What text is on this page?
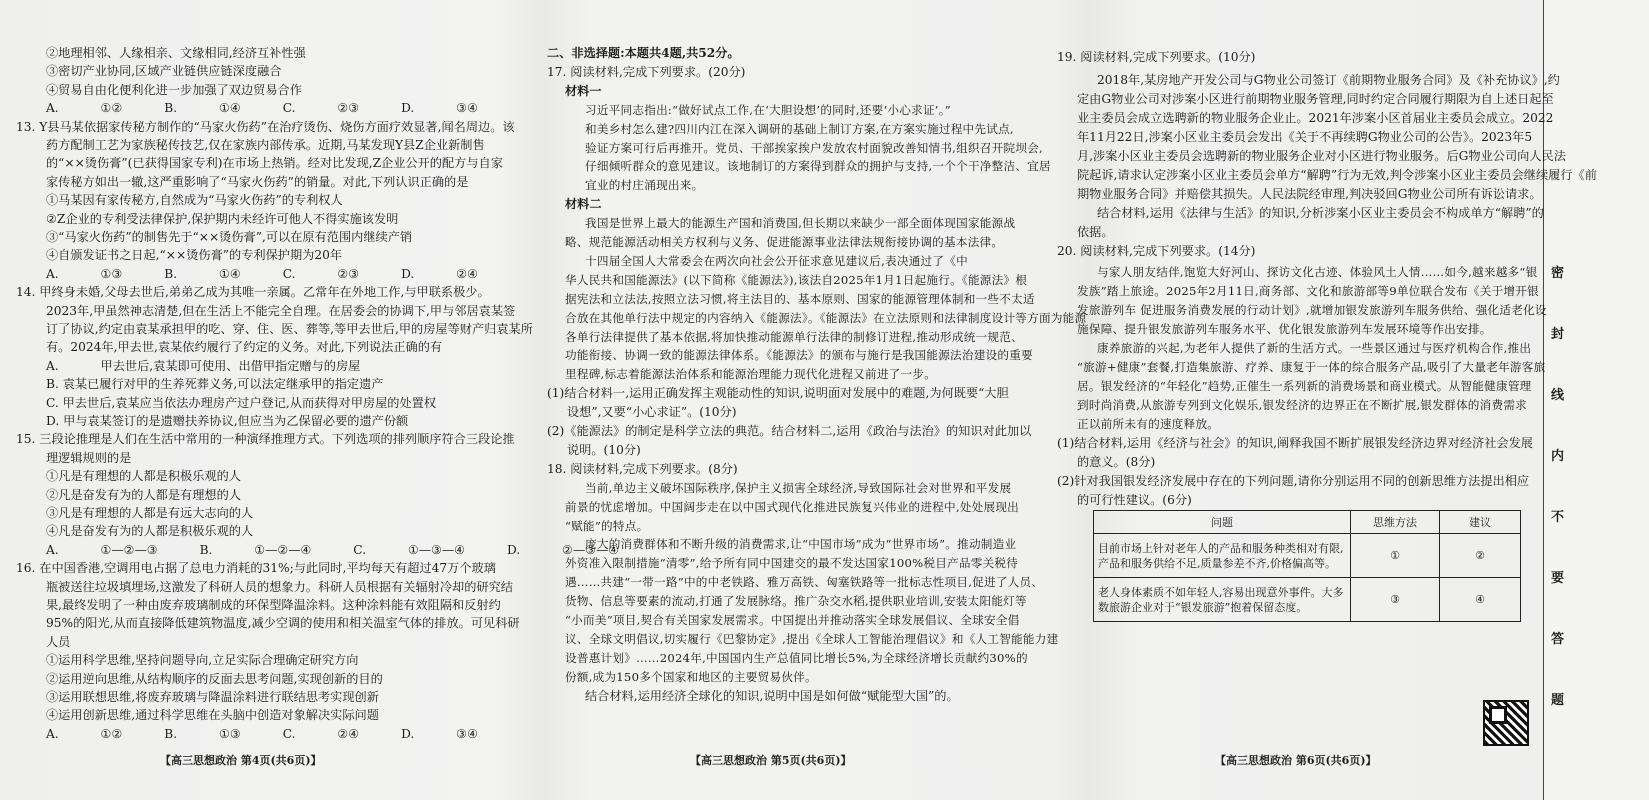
【高三思想政治 第4页(共6页)】	【高三思想政治 第5页(共6页)】
问题	思维方法	建议
目前市场上针对老年人的产品和服务种类相对有限,产品和服务供给不足,质量参差不齐,价格偏高等。	①	②
老人身体素质不如年轻人,容易出现意外事件。大多数旅游企业对于“银发旅游”抱着保留态度。	③	④
【高三思想政治 第6页(共6页)】
密
封
线
内
不
要
答
题
②地理相邻、人缘相亲、文缘相同,经济互补性强
③密切产业协同,区域产业链供应链深度融合
④贸易自由化便利化进一步加强了双边贸易合作
A. ①② B. ①④ C. ②③ D. ③④
13. Y县马某依据家传秘方制作的“马家火伤药”在治疗烫伤、烧伤方面疗效显著,闻名周边。该
药方配制工艺为家族秘传技艺,仅在家族内部传承。近期,马某发现Y县Z企业新制售
的“××烫伤膏”(已获得国家专利)在市场上热销。经对比发现,Z企业公开的配方与自家
家传秘方如出一辙,这严重影响了“马家火伤药”的销量。对此,下列认识正确的是
①马某因有家传秘方,自然成为“马家火伤药”的专利权人
②Z企业的专利受法律保护,保护期内未经许可他人不得实施该发明
③“马家火伤药”的制售先于“××烫伤膏”,可以在原有范围内继续产销
④自颁发证书之日起,“××烫伤膏”的专利保护期为20年
A. ①③ B. ①④ C. ②③ D. ②④
14. 甲终身未婚,父母去世后,弟弟乙成为其唯一亲属。乙常年在外地工作,与甲联系极少。
2023年,甲虽然神志清楚,但在生活上不能完全自理。在居委会的协调下,甲与邻居袁某签
订了协议,约定由袁某承担甲的吃、穿、住、医、葬等,等甲去世后,甲的房屋等财产归袁某所
有。2024年,甲去世,袁某依约履行了约定的义务。对此,下列说法正确的有
A. 甲去世后,袁某即可使用、出借甲指定赠与的房屋
B. 袁某已履行对甲的生养死葬义务,可以法定继承甲的指定遗产
C. 甲去世后,袁某应当依法办理房产过户登记,从而获得对甲房屋的处置权
D. 甲与袁某签订的是遗赠扶养协议,但应当为乙保留必要的遗产份额
15. 三段论推理是人们在生活中常用的一种演绎推理方式。下列选项的排列顺序符合三段论推
理逻辑规则的是
①凡是有理想的人都是积极乐观的人
②凡是奋发有为的人都是有理想的人
③凡是有理想的人都是有远大志向的人
④凡是奋发有为的人都是积极乐观的人
A. ①—②—③ B. ①—②—④ C. ①—③—④ D. ②—③—④
16. 在中国香港,空调用电占据了总电力消耗的31%;与此同时,平均每天有超过47万个玻璃
瓶被送往垃圾填埋场,这激发了科研人员的想象力。科研人员根据有关辐射冷却的研究结
果,最终发明了一种由废弃玻璃制成的环保型降温涂料。这种涂料能有效阻隔和反射约
95%的阳光,从而直接降低建筑物温度,减少空调的使用和相关温室气体的排放。可见科研
人员
①运用科学思维,坚持问题导向,立足实际合理确定研究方向
②运用逆向思维,从结构顺序的反面去思考问题,实现创新的目的
③运用联想思维,将废弃玻璃与降温涂料进行联结思考实现创新
④运用创新思维,通过科学思维在头脑中创造对象解决实际问题
A. ①② B. ①③ C. ②④ D. ③④
二、非选择题:本题共4题,共52分。
17. 阅读材料,完成下列要求。(20分)
材料一
习近平同志指出:“做好试点工作,在‘大胆设想’的同时,还要‘小心求证’。”
和美乡村怎么建?四川内江在深入调研的基础上制订方案,在方案实施过程中先试点,
验证方案可行后再推开。党员、干部挨家挨户发放农村面貌改善知情书,组织召开院坝会,
仔细倾听群众的意见建议。该地制订的方案得到群众的拥护与支持,一个个干净整洁、宜居
宜业的村庄涌现出来。
材料二
我国是世界上最大的能源生产国和消费国,但长期以来缺少一部全面体现国家能源战
略、规范能源活动相关方权利与义务、促进能源事业法律法规衔接协调的基本法律。
十四届全国人大常委会在两次向社会公开征求意见建议后,表决通过了《中
华人民共和国能源法》(以下简称《能源法》),该法自2025年1月1日起施行。《能源法》根
据宪法和立法法,按照立法习惯,将主法目的、基本原则、国家的能源管理体制和一些不太适
合放在其他单行法中规定的内容纳入《能源法》。《能源法》在立法原则和法律制度设计等方面为能源
各单行法律提供了基本依据,将加快推动能源单行法律的制修订进程,推动形成统一规范、
功能衔接、协调一致的能源法律体系。《能源法》的颁布与施行是我国能源法治建设的重要
里程碑,标志着能源法治体系和能源治理能力现代化进程又前进了一步。
(1)结合材料一,运用正确发挥主观能动性的知识,说明面对发展中的难题,为何既要“大胆
设想”,又要“小心求证”。(10分)
(2)《能源法》的制定是科学立法的典范。结合材料二,运用《政治与法治》的知识对此加以
说明。(10分)
18. 阅读材料,完成下列要求。(8分)
当前,单边主义破坏国际秩序,保护主义损害全球经济,导致国际社会对世界和平发展
前景的忧虑增加。中国阔步走在以中国式现代化推进民族复兴伟业的进程中,处处展现出
“赋能”的特点。
庞大的消费群体和不断升级的消费需求,让“中国市场”成为“世界市场”。推动制造业
外资准入限制措施“清零”,给予所有同中国建交的最不发达国家100%税目产品零关税待
遇……共建“一带一路”中的中老铁路、雅万高铁、匈塞铁路等一批标志性项目,促进了人员、
货物、信息等要素的流动,打通了发展脉络。推广杂交水稻,提供职业培训,安装太阳能灯等
“小而美”项目,契合有关国家发展需求。中国提出并推动落实全球发展倡议、全球安全倡
议、全球文明倡议,切实履行《巴黎协定》,提出《全球人工智能治理倡议》和《人工智能能力建
设普惠计划》……2024年,中国国内生产总值同比增长5%,为全球经济增长贡献约30%的
份额,成为150多个国家和地区的主要贸易伙伴。
结合材料,运用经济全球化的知识,说明中国是如何做“赋能型大国”的。
19. 阅读材料,完成下列要求。(10分)
2018年,某房地产开发公司与G物业公司签订《前期物业服务合同》及《补充协议》,约
定由G物业公司对涉案小区进行前期物业服务管理,同时约定合同履行期限为自上述日起至
业主委员会成立选聘新的物业服务企业止。2021年涉案小区首届业主委员会成立。2022
年11月22日,涉案小区业主委员会发出《关于不再续聘G物业公司的公告》。2023年5
月,涉案小区业主委员会选聘新的物业服务企业对小区进行物业服务。后G物业公司向人民法
院起诉,请求认定涉案小区业主委员会单方“解聘”行为无效,判令涉案小区业主委员会继续履行《前
期物业服务合同》并赔偿其损失。人民法院经审理,判决驳回G物业公司所有诉讼请求。
结合材料,运用《法律与生活》的知识,分析涉案小区业主委员会不构成单方“解聘”的
依据。
20. 阅读材料,完成下列要求。(14分)
与家人朋友结伴,饱览大好河山、探访文化古迹、体验风土人情……如今,越来越多“银
发族”踏上旅途。2025年2月11日,商务部、文化和旅游部等9单位联合发布《关于增开银
发旅游列车 促进服务消费发展的行动计划》,就增加银发旅游列车服务供给、强化适老化设
施保障、提升银发旅游列车服务水平、优化银发旅游列车发展环境等作出安排。
康养旅游的兴起,为老年人提供了新的生活方式。一些景区通过与医疗机构合作,推出
“旅游+健康”套餐,打造集旅游、疗养、康复于一体的综合服务产品,吸引了大量老年游客旅
居。银发经济的“年轻化”趋势,正催生一系列新的消费场景和商业模式。从智能健康管理
到时尚消费,从旅游专列到文化娱乐,银发经济的边界正在不断扩展,银发群体的消费需求
正以前所未有的速度释放。
(1)结合材料,运用《经济与社会》的知识,阐释我国不断扩展银发经济边界对经济社会发展
的意义。(8分)
(2)针对我国银发经济发展中存在的下列问题,请你分别运用不同的创新思维方法提出相应
的可行性建议。(6分)
